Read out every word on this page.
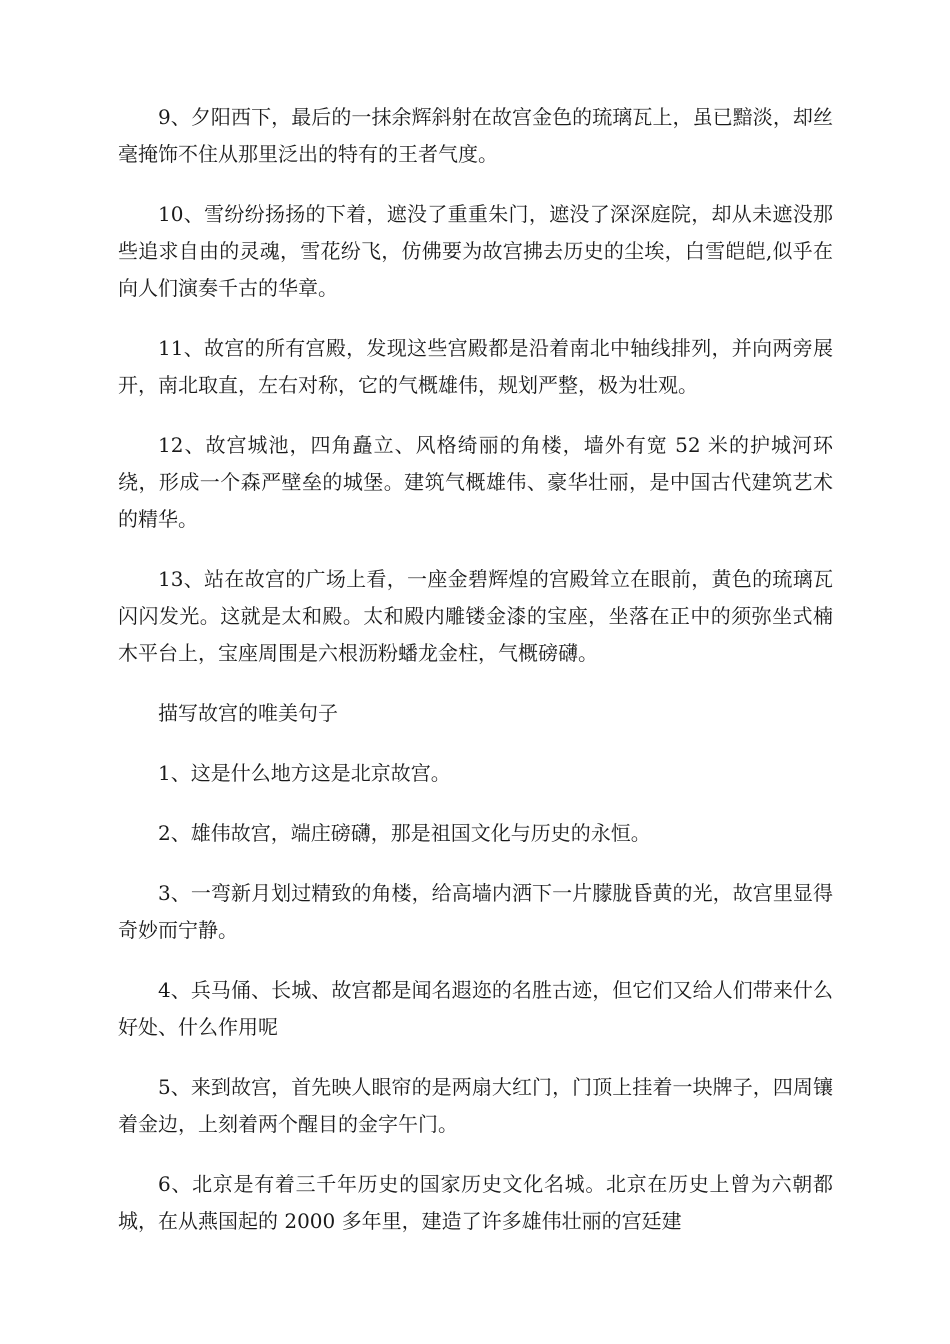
9、夕阳西下，最后的一抹余辉斜射在故宫金色的琉璃瓦上，虽已黯淡，却丝毫掩饰不住从那里泛出的特有的王者气度。

10、雪纷纷扬扬的下着，遮没了重重朱门，遮没了深深庭院，却从未遮没那些追求自由的灵魂，雪花纷飞，仿佛要为故宫拂去历史的尘埃，白雪皑皑,似乎在向人们演奏千古的华章。

11、故宫的所有宫殿，发现这些宫殿都是沿着南北中轴线排列，并向两旁展开，南北取直，左右对称，它的气概雄伟，规划严整，极为壮观。

12、故宫城池，四角矗立、风格绮丽的角楼，墙外有宽 52 米的护城河环绕，形成一个森严壁垒的城堡。建筑气概雄伟、豪华壮丽，是中国古代建筑艺术的精华。

13、站在故宫的广场上看，一座金碧辉煌的宫殿耸立在眼前，黄色的琉璃瓦闪闪发光。这就是太和殿。太和殿内雕镂金漆的宝座，坐落在正中的须弥坐式楠木平台上，宝座周围是六根沥粉蟠龙金柱，气概磅礴。

描写故宫的唯美句子

1、这是什么地方这是北京故宫。

2、雄伟故宫，端庄磅礴，那是祖国文化与历史的永恒。

3、一弯新月划过精致的角楼，给高墙内洒下一片朦胧昏黄的光，故宫里显得奇妙而宁静。

4、兵马俑、长城、故宫都是闻名遐迩的名胜古迹，但它们又给人们带来什么好处、什么作用呢

5、来到故宫，首先映人眼帘的是两扇大红门，门顶上挂着一块牌子，四周镶着金边，上刻着两个醒目的金字午门。

6、北京是有着三千年历史的国家历史文化名城。北京在历史上曾为六朝都城，在从燕国起的 2000 多年里，建造了许多雄伟壮丽的宫廷建
